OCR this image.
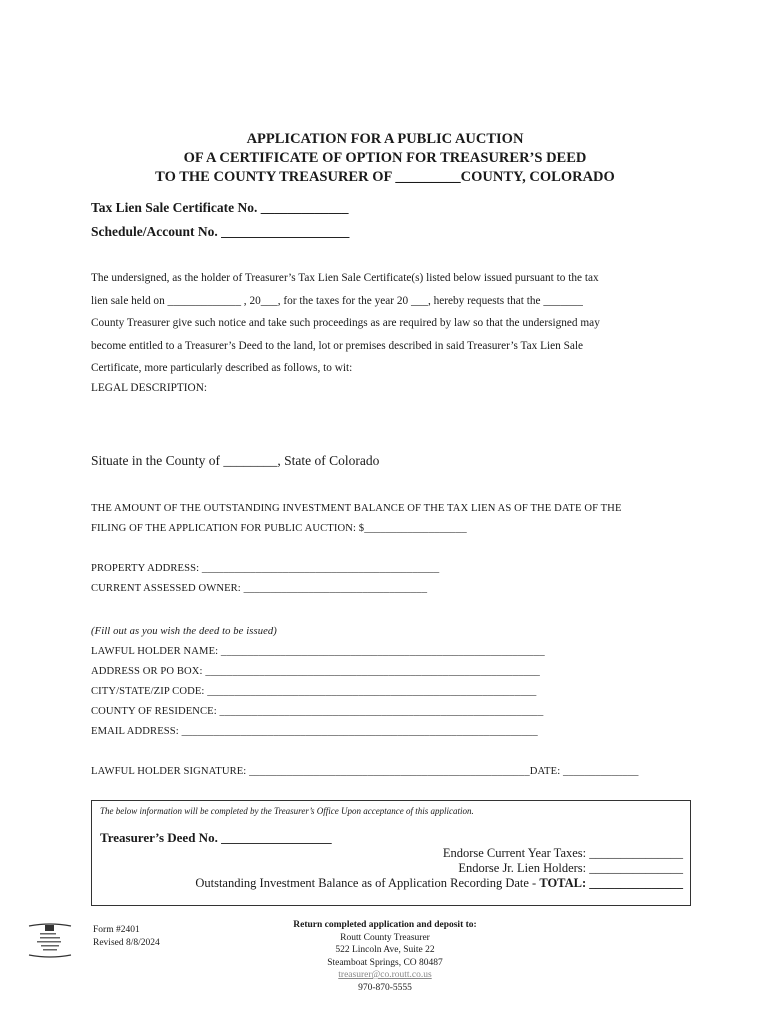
APPLICATION FOR A PUBLIC AUCTION
OF A CERTIFICATE OF OPTION FOR TREASURER’S DEED
TO THE COUNTY TREASURER OF _________COUNTY, COLORADO
Tax Lien Sale Certificate No. _____________
Schedule/Account No. ___________________
The undersigned, as the holder of Treasurer’s Tax Lien Sale Certificate(s) listed below issued pursuant to the tax
lien sale held on _____________ , 20___, for the taxes for the year 20 ___, hereby requests that the _______
County Treasurer give such notice and take such proceedings as are required by law so that the undersigned may
become entitled to a Treasurer’s Deed to the land, lot or premises described in said Treasurer’s Tax Lien Sale
Certificate, more particularly described as follows, to wit:
LEGAL DESCRIPTION:
Situate in the County of ________, State of Colorado
THE AMOUNT OF THE OUTSTANDING INVESTMENT BALANCE OF THE TAX LIEN AS OF THE DATE OF THE
FILING OF THE APPLICATION FOR PUBLIC AUCTION: $___________________
PROPERTY ADDRESS: ____________________________________________
CURRENT ASSESSED OWNER: __________________________________
(Fill out as you wish the deed to be issued)
LAWFUL HOLDER NAME: ____________________________________________________________
ADDRESS OR PO BOX: ______________________________________________________________
CITY/STATE/ZIP CODE: _____________________________________________________________
COUNTY OF RESIDENCE: ____________________________________________________________
EMAIL ADDRESS: __________________________________________________________________
LAWFUL HOLDER SIGNATURE: ____________________________________________________DATE: ______________
The below information will be completed by the Treasurer’s Office Upon acceptance of this application.
Treasurer’s Deed No. _________________
Endorse Current Year Taxes: _______________
Endorse Jr. Lien Holders: _______________
Outstanding Investment Balance as of Application Recording Date - TOTAL: _______________
Form #2401
Revised 8/8/2024
Return completed application and deposit to:
Routt County Treasurer
522 Lincoln Ave, Suite 22
Steamboat Springs, CO 80487
treasurer@co.routt.co.us
970-870-5555
